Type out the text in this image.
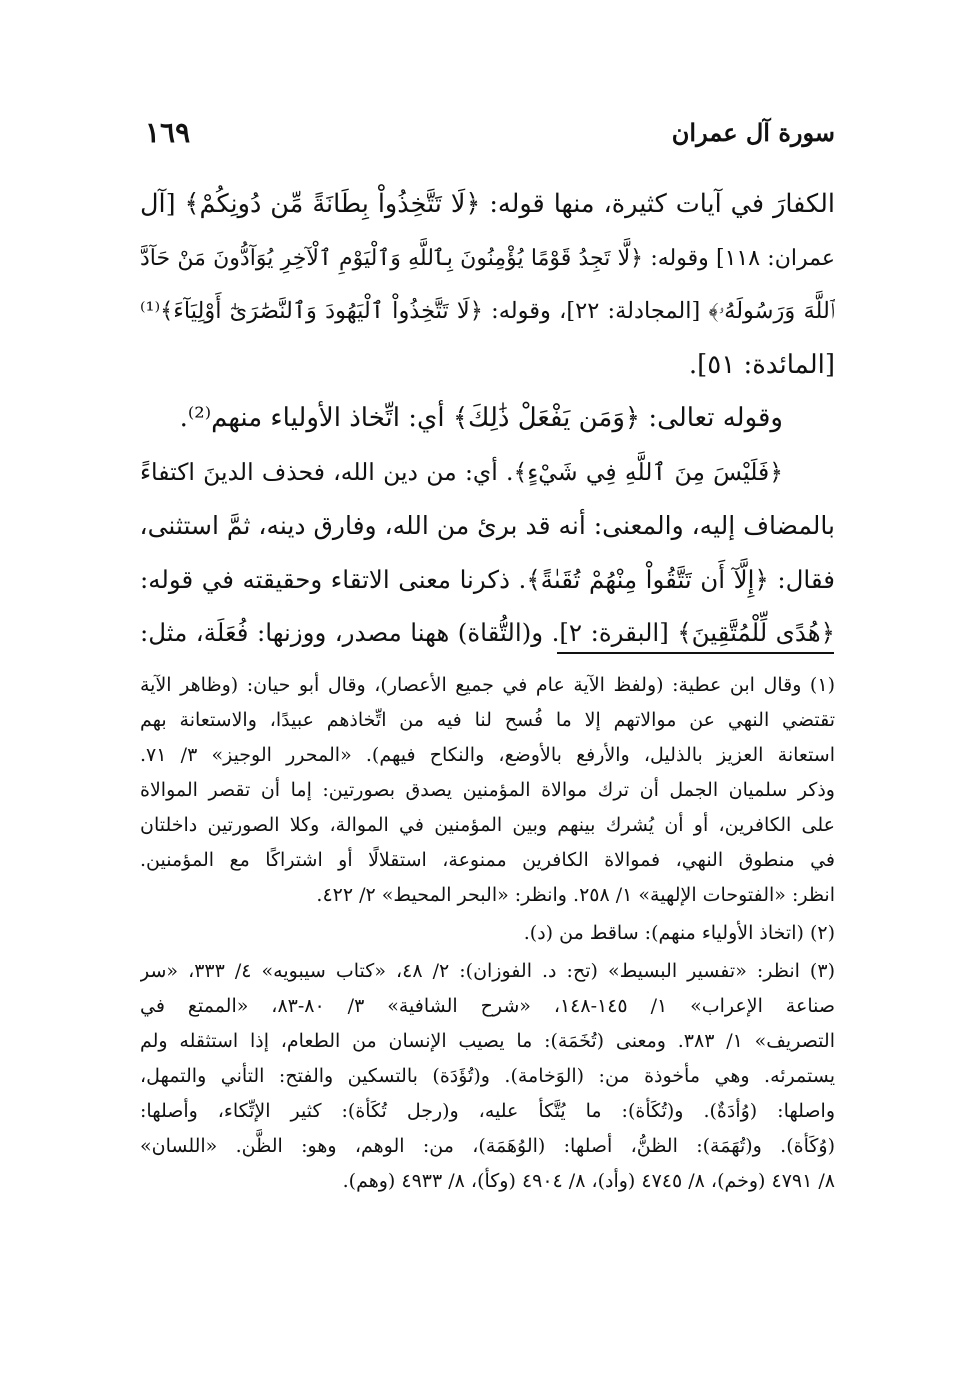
سورة آل عمران
١٦٩
الكفارَ في آيات كثيرة، منها قوله: ﴿لَا تَتَّخِذُواْ بِطَانَةً مِّن دُونِكُمْ﴾ [آل
عمران: ١١٨] وقوله: ﴿لَّا تَجِدُ قَوْمًا يُؤْمِنُونَ بِٱللَّهِ وَٱلْيَوْمِ ٱلْآخِرِ يُوَآدُّونَ مَنْ حَآدَّ
ٱللَّهَ وَرَسُولَهُۥ﴾ [المجادلة: ٢٢]، وقوله: ﴿لَا تَتَّخِذُواْ ٱلْيَهُودَ وَٱلنَّصَٰرَىٰٓ أَوْلِيَآءَ﴾⁽¹⁾
[المائدة: ٥١].
وقوله تعالى: ﴿وَمَن يَفْعَلْ ذَٰلِكَ﴾ أي: اتِّخاذ الأولياء منهم⁽²⁾.
﴿فَلَيْسَ مِنَ ٱللَّهِ فِي شَيْءٍ﴾. أي: من دين الله، فحذف الدينَ اكتفاءً
بالمضاف إليه، والمعنى: أنه قد برئ من الله، وفارق دينه، ثمَّ استثنى،
فقال: ﴿إِلَّآ أَن تَتَّقُواْ مِنْهُمْ تُقَىٰةً﴾. ذكرنا معنى الاتقاء وحقيقته في قوله:
﴿هُدًى لِّلْمُتَّقِينَ﴾ [البقرة: ٢]. و(التُّقاة) ههنا مصدر، ووزنها: فُعَلَة، مثل:
(١) وقال ابن عطية: (ولفظ الآية عام في جميع الأعصار)، وقال أبو حيان: (وظاهر الآية
تقتضي النهي عن موالاتهم إلا ما فُسح لنا فيه من اتِّخاذهم عبيدًا، والاستعانة بهم
استعانة العزيز بالذليل، والأرفع بالأوضع، والنكاح فيهم). «المحرر الوجيز» ٣/ ٧١.
وذكر سلميان الجمل أن ترك موالاة المؤمنين يصدق بصورتين: إما أن تقصر الموالاة
على الكافرين، أو أن يُشرك بينهم وبين المؤمنين في الموالة، وكلا الصورتين داخلتان
في منطوق النهي، فموالاة الكافرين ممنوعة، استقلالًا أو اشتراكًا مع المؤمنين.
انظر: «الفتوحات الإلهية» ١/ ٢٥٨. وانظر: «البحر المحيط» ٢/ ٤٢٢.
(٢) (اتخاذ الأولياء منهم): ساقط من (د).
(٣) انظر: «تفسير البسيط» (تح: د. الفوزان): ٢/ ٤٨، «كتاب سيبويه» ٤/ ٣٣٣، «سر
صناعة الإعراب» ١/ ١٤٥-١٤٨، «شرح الشافية» ٣/ ٨٠-٨٣، «الممتع في
التصريف» ١/ ٣٨٣. ومعنى (تُخَمَة): ما يصيب الإنسان من الطعام، إذا استثقله ولم
يستمرئه. وهي مأخوذة من: (الوَخامة). و(تُؤَدَة) بالتسكين والفتح: التأني والتمهل،
واصلها: (وُأدَةٌ). و(تُكَأة): ما يُتَّكأ عليه، و(رجل تُكَأة): كثير الإتِّكاء، وأصلها:
(وُكَأة). و(تُهَمَة): الظنُّ، أصلها: (الوُهَمَة)، من: الوهم، وهو: الظَّن. «اللسان»
٨/ ٤٧٩١ (وخم)، ٨/ ٤٧٤٥ (وأد)، ٨/ ٤٩٠٤ (وكأ)، ٨/ ٤٩٣٣ (وهم).
